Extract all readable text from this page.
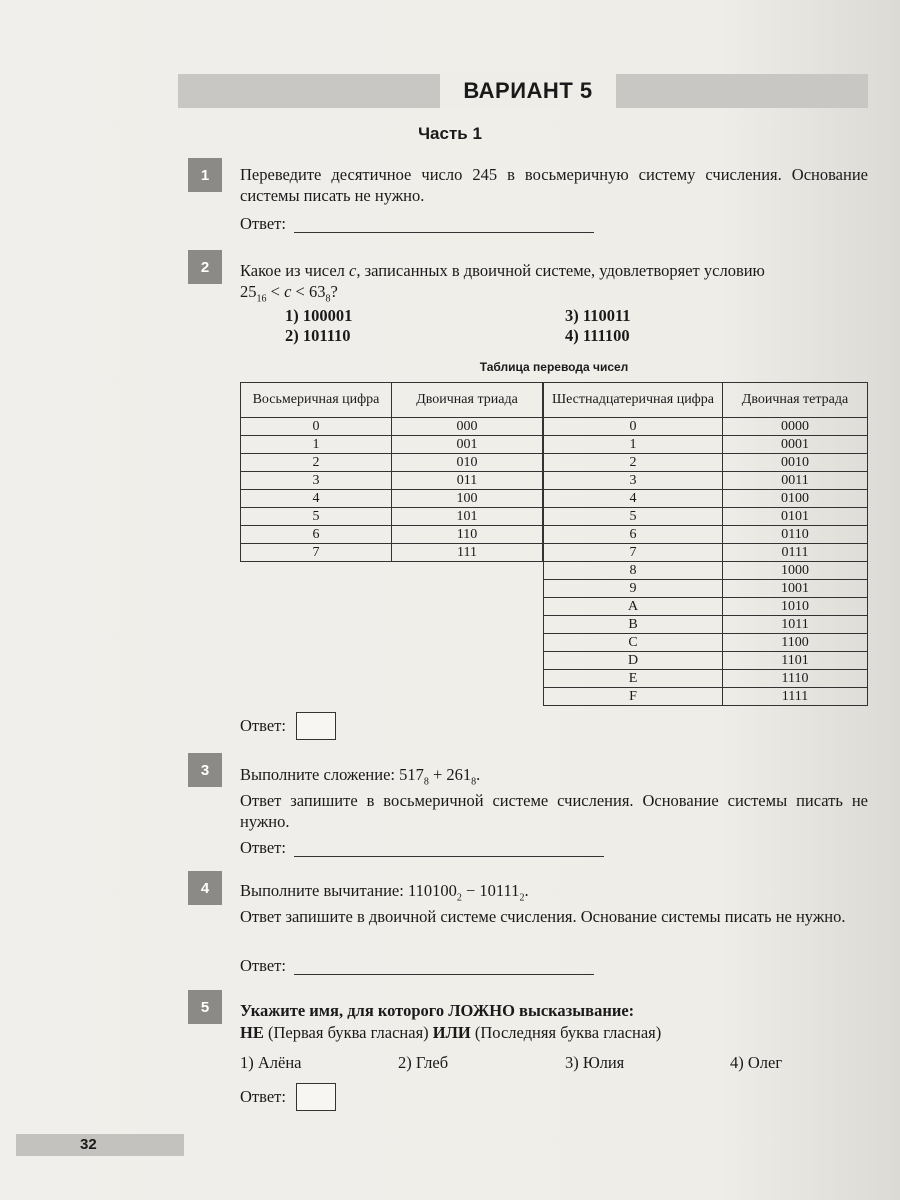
ВАРИАНТ 5
Часть 1
1	Переведите десятичное число 245 в восьмеричную систему счисления. Основание системы писать не нужно.
Ответ:
2	Какое из чисел c, записанных в двоичной системе, удовлетворяет условию
$25_{16} < c < 63_8$?
1) 100001
2) 101110
3) 110011
4) 111100
Таблица перевода чисел
Восьмеричная цифра	Двоичная триада
0	000
1	001
2	010
3	011
4	100
5	101
6	110
7	111
Шестнадцатеричная цифра	Двоичная тетрада
0	0000
1	0001
2	0010
3	0011
4	0100
5	0101
6	0110
7	0111
8	1000
9	1001
A	1010
B	1011
C	1100
D	1101
E	1110
F	1111
Ответ:
3	Выполните сложение: $517_8 + 261_8$.
Ответ запишите в восьмеричной системе счисления. Основание системы писать не нужно.
Ответ:
4	Выполните вычитание: $110100_2 - 10111_2$.
Ответ запишите в двоичной системе счисления. Основание системы писать не нужно.
Ответ:
5	Укажите имя, для которого ЛОЖНО высказывание:
НЕ (Первая буква гласная) ИЛИ (Последняя буква гласная)
1) Алёна	2) Глеб	3) Юлия	4) Олег
Ответ:
32
